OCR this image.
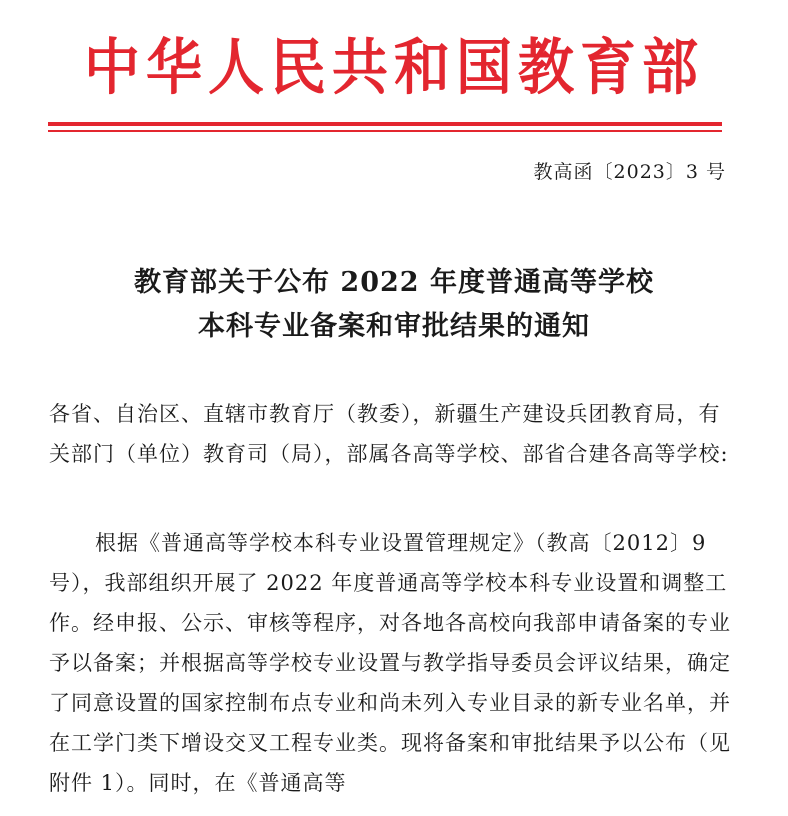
中华人民共和国教育部
教高函〔2023〕3 号
教育部关于公布 2022 年度普通高等学校
本科专业备案和审批结果的通知
各省、自治区、直辖市教育厅（教委），新疆生产建设兵团教育局，有关部门（单位）教育司（局），部属各高等学校、部省合建各高等学校:
根据《普通高等学校本科专业设置管理规定》（教高〔2012〕9 号），我部组织开展了 2022 年度普通高等学校本科专业设置和调整工作。经申报、公示、审核等程序，对各地各高校向我部申请备案的专业予以备案；并根据高等学校专业设置与教学指导委员会评议结果，确定了同意设置的国家控制布点专业和尚未列入专业目录的新专业名单，并在工学门类下增设交叉工程专业类。现将备案和审批结果予以公布（见附件 1）。同时，在《普通高等
